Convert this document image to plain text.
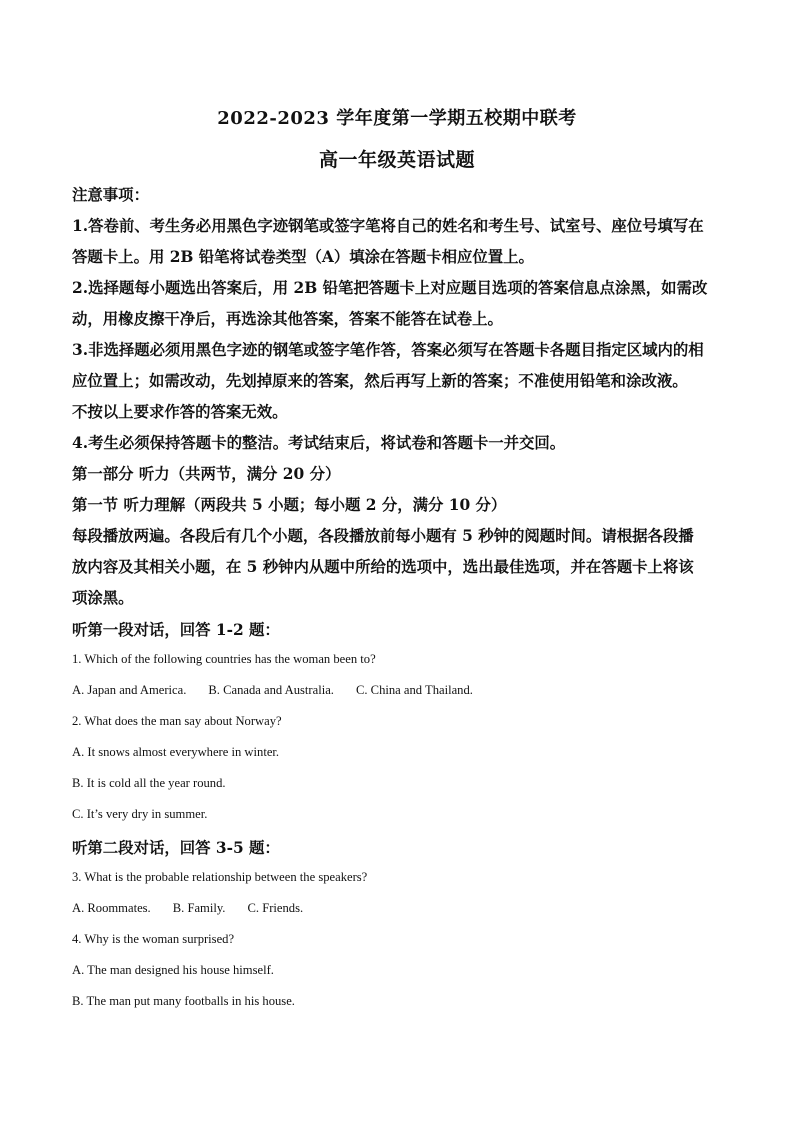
2022-2023 学年度第一学期五校期中联考
高一年级英语试题
注意事项：
1.答卷前、考生务必用黑色字迹钢笔或签字笔将自己的姓名和考生号、试室号、座位号填写在
答题卡上。用 2B 铅笔将试卷类型（A）填涂在答题卡相应位置上。
2.选择题每小题选出答案后，用 2B 铅笔把答题卡上对应题目选项的答案信息点涂黑，如需改
动，用橡皮擦干净后，再选涂其他答案，答案不能答在试卷上。
3.非选择题必须用黑色字迹的钢笔或签字笔作答，答案必须写在答题卡各题目指定区域内的相
应位置上；如需改动，先划掉原来的答案，然后再写上新的答案；不准使用铅笔和涂改液。
不按以上要求作答的答案无效。
4.考生必须保持答题卡的整洁。考试结束后，将试卷和答题卡一并交回。
第一部分 听力（共两节，满分 20 分）
第一节 听力理解（两段共 5 小题；每小题 2 分，满分 10 分）
每段播放两遍。各段后有几个小题，各段播放前每小题有 5 秒钟的阅题时间。请根据各段播
放内容及其相关小题，在 5 秒钟内从题中所给的选项中，选出最佳选项，并在答题卡上将该
项涂黑。
听第一段对话，回答 1-2 题：
1. Which of the following countries has the woman been to?
A. Japan and America.       B. Canada and Australia.       C. China and Thailand.
2. What does the man say about Norway?
A. It snows almost everywhere in winter.
B. It is cold all the year round.
C. It’s very dry in summer.
听第二段对话，回答 3-5 题：
3. What is the probable relationship between the speakers?
A. Roommates.       B. Family.       C. Friends.
4. Why is the woman surprised?
A. The man designed his house himself.
B. The man put many footballs in his house.
